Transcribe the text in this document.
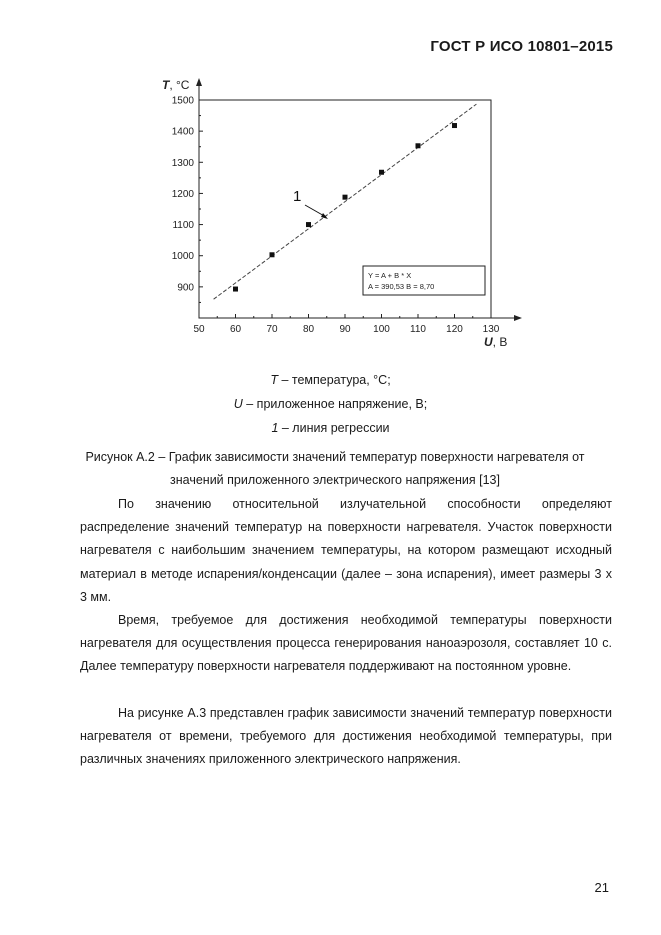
ГОСТ Р ИСО 10801–2015
50	60	70	80	90 100 110 120 130
900
1000
1100
1200
1300
1400
1500
T, °C
U, В
1
Y = A + B * X
A = 390,53 B = 8,70
T – температура, °C;
U – приложенное напряжение, В;
1 – линия регрессии
Рисунок А.2 – График зависимости значений температур поверхности нагревателя от
значений приложенного электрического напряжения [13]

По значению относительной излучательной способности определяют распределение значений температур на поверхности нагревателя. Участок поверхности нагревателя с наибольшим значением температуры, на котором размещают исходный материал в методе испарения/конденсации (далее – зона испарения), имеет размеры 3 x 3 мм.

Время, требуемое для достижения необходимой температуры поверхности нагревателя для осуществления процесса генерирования наноаэрозоля, составляет 10 с. Далее температуру поверхности нагревателя поддерживают на постоянном уровне.

На рисунке А.3 представлен график зависимости значений температур поверхности нагревателя от времени, требуемого для достижения необходимой температуры, при различных значениях приложенного электрического напряжения.

21
